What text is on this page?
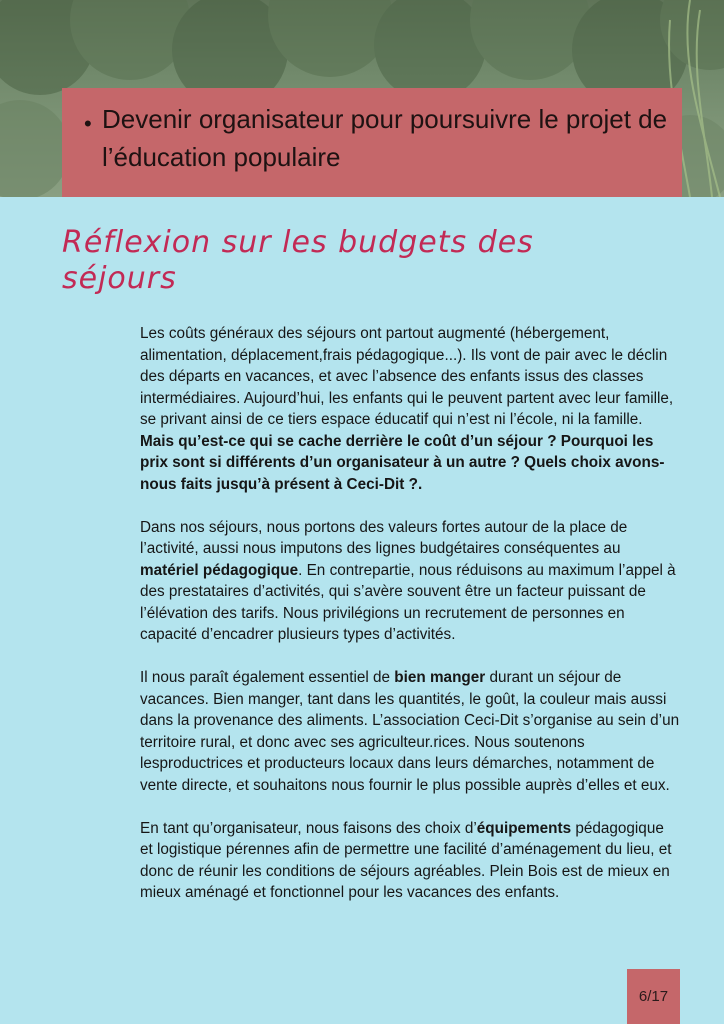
• Devenir organisateur pour poursuivre le projet de l’éducation populaire
Réflexion sur les budgets des séjours

Les coûts généraux des séjours ont partout augmenté (hébergement, alimentation, déplacement,frais pédagogique...). Ils vont de pair avec le déclin des départs en vacances, et avec l’absence des enfants issus des classes intermédiaires. Aujourd’hui, les enfants qui le peuvent partent avec leur famille, se privant ainsi de ce tiers espace éducatif qui n’est ni l’école, ni la famille. Mais qu’est-ce qui se cache derrière le coût d’un séjour ? Pourquoi les prix sont si différents d’un organisateur à un autre ? Quels choix avons-nous faits jusqu’à présent à Ceci-Dit ?.

Dans nos séjours, nous portons des valeurs fortes autour de la place de l’activité, aussi nous imputons des lignes budgétaires conséquentes au matériel pédagogique. En contrepartie, nous réduisons au maximum l’appel à des prestataires d’activités, qui s’avère souvent être un facteur puissant de l’élévation des tarifs. Nous privilégions un recrutement de personnes en capacité d’encadrer plusieurs types d’activités.

Il nous paraît également essentiel de bien manger durant un séjour de vacances. Bien manger, tant dans les quantités, le goût, la couleur mais aussi dans la provenance des aliments. L’association Ceci-Dit s’organise au sein d’un territoire rural, et donc avec ses agriculteur.rices. Nous soutenons lesproductrices et producteurs locaux dans leurs démarches, notamment de vente directe, et souhaitons nous fournir le plus possible auprès d’elles et eux.

En tant qu’organisateur, nous faisons des choix d’équipements pédagogique et logistique pérennes afin de permettre une facilité d’aménagement du lieu, et donc de réunir les conditions de séjours agréables. Plein Bois est de mieux en mieux aménagé et fonctionnel pour les vacances des enfants.

6/17
